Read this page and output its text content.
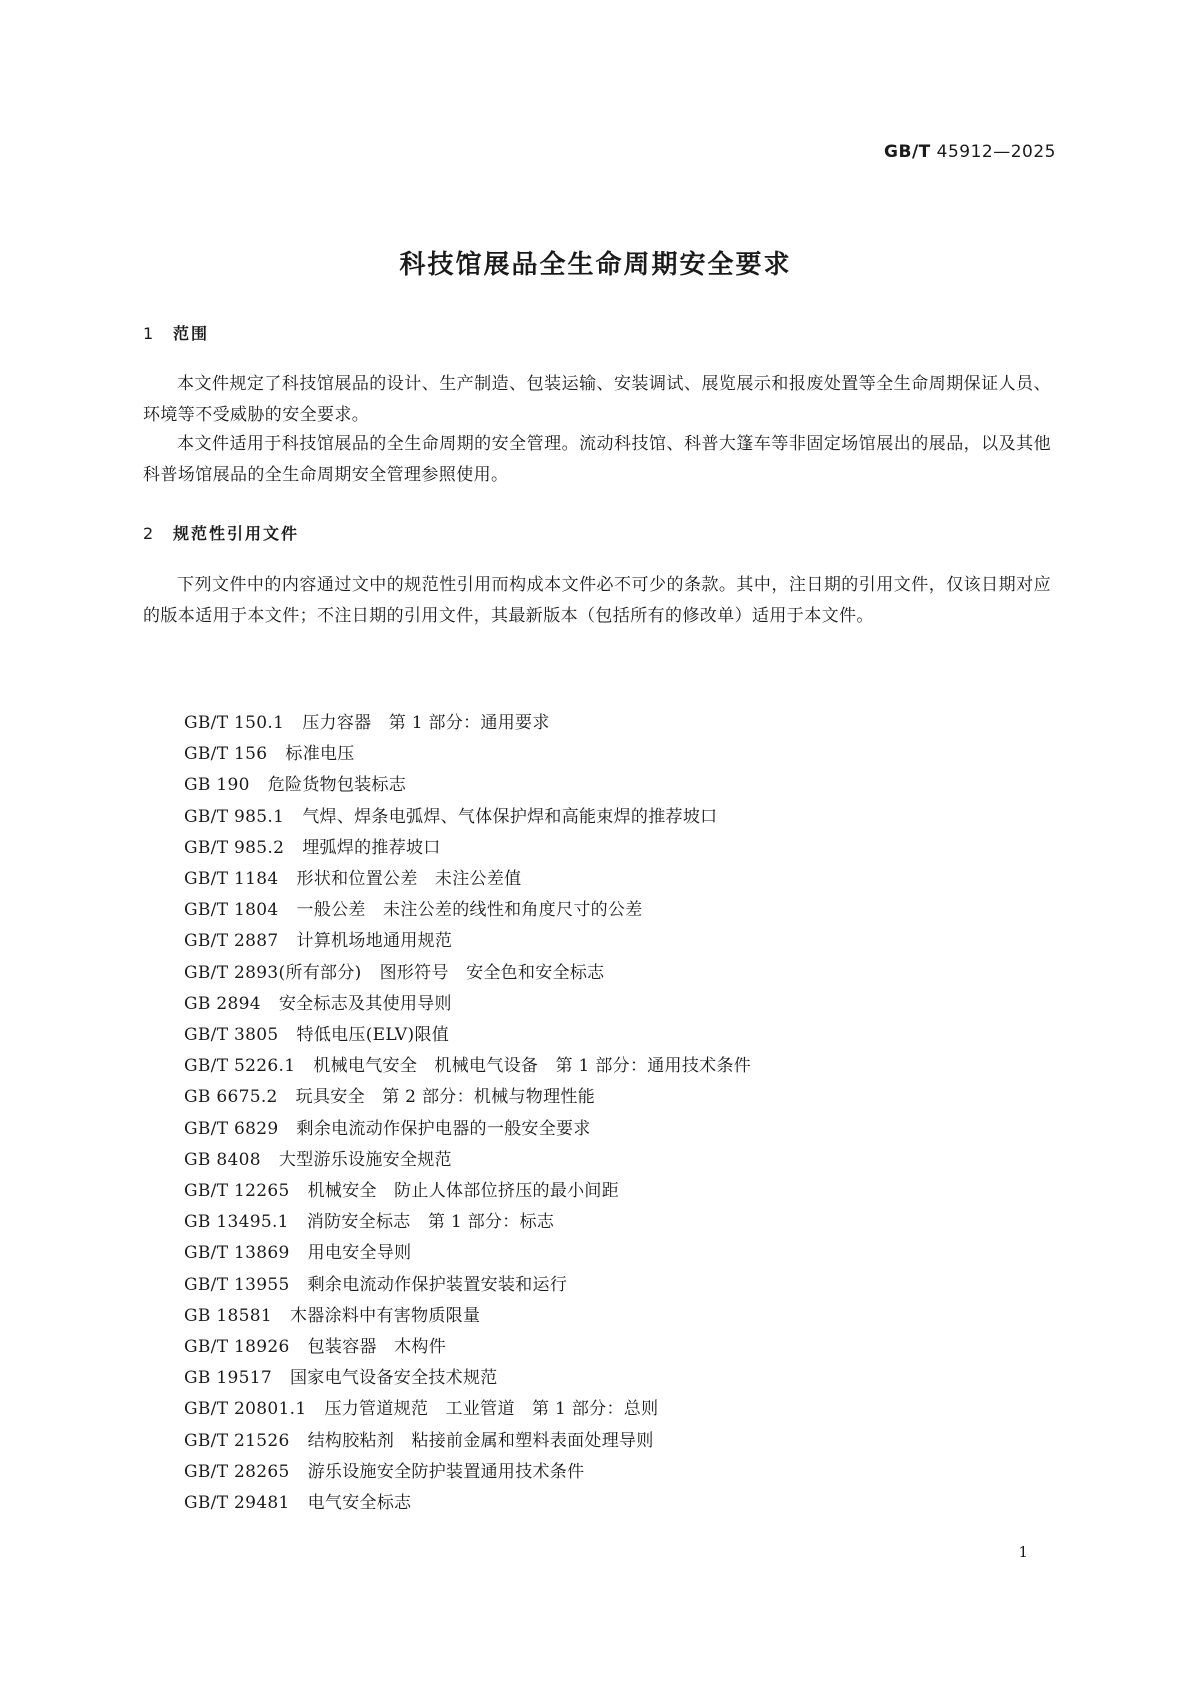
GB/T 45912—2025
科技馆展品全生命周期安全要求
1 范围

本文件规定了科技馆展品的设计、生产制造、包装运输、安装调试、展览展示和报废处置等全生命周期保证人员、环境等不受威胁的安全要求。

本文件适用于科技馆展品的全生命周期的安全管理。流动科技馆、科普大篷车等非固定场馆展出的展品，以及其他科普场馆展品的全生命周期安全管理参照使用。

2 规范性引用文件

下列文件中的内容通过文中的规范性引用而构成本文件必不可少的条款。其中，注日期的引用文件，仅该日期对应的版本适用于本文件；不注日期的引用文件，其最新版本（包括所有的修改单）适用于本文件。

GB/T 150.1 压力容器　第 1 部分：通用要求
GB/T 156 标准电压
GB 190 危险货物包装标志
GB/T 985.1 气焊、焊条电弧焊、气体保护焊和高能束焊的推荐坡口
GB/T 985.2 埋弧焊的推荐坡口
GB/T 1184 形状和位置公差　未注公差值
GB/T 1804 一般公差　未注公差的线性和角度尺寸的公差
GB/T 2887 计算机场地通用规范
GB/T 2893(所有部分) 图形符号　安全色和安全标志
GB 2894 安全标志及其使用导则
GB/T 3805 特低电压(ELV)限值
GB/T 5226.1 机械电气安全　机械电气设备　第 1 部分：通用技术条件
GB 6675.2 玩具安全　第 2 部分：机械与物理性能
GB/T 6829 剩余电流动作保护电器的一般安全要求
GB 8408 大型游乐设施安全规范
GB/T 12265 机械安全　防止人体部位挤压的最小间距
GB 13495.1 消防安全标志　第 1 部分：标志
GB/T 13869 用电安全导则
GB/T 13955 剩余电流动作保护装置安装和运行
GB 18581 木器涂料中有害物质限量
GB/T 18926 包装容器　木构件
GB 19517 国家电气设备安全技术规范
GB/T 20801.1 压力管道规范　工业管道　第 1 部分：总则
GB/T 21526 结构胶粘剂　粘接前金属和塑料表面处理导则
GB/T 28265 游乐设施安全防护装置通用技术条件
GB/T 29481 电气安全标志
1
